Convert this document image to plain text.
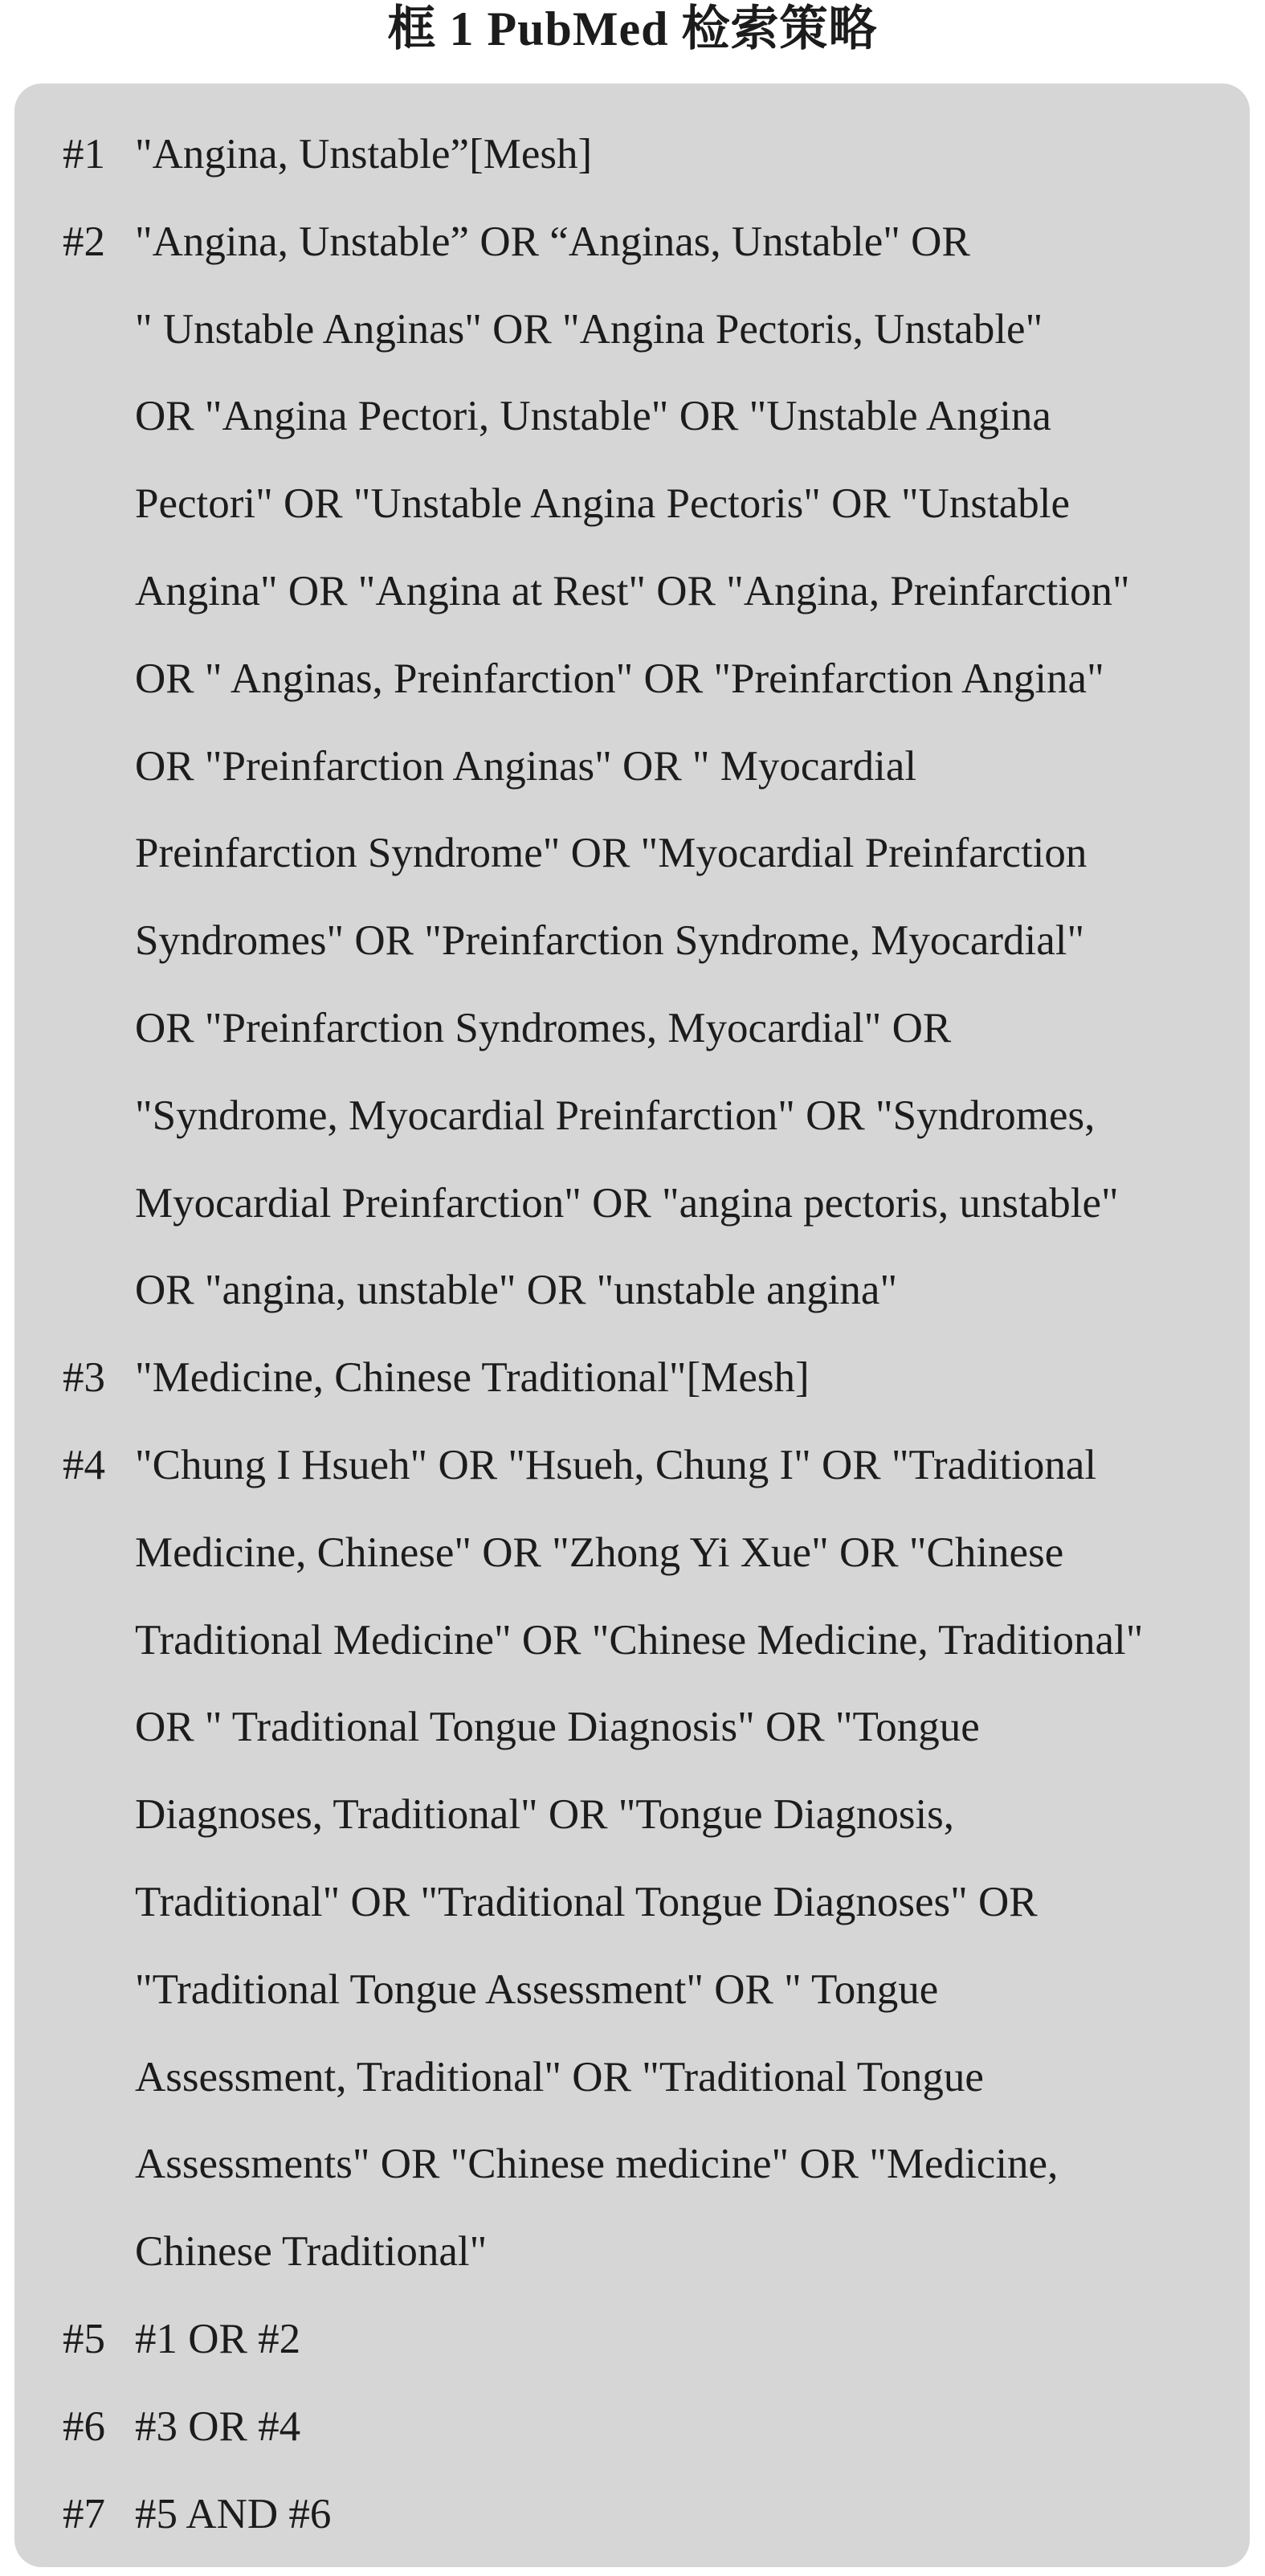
框 1 PubMed 检索策略
#1 "Angina, Unstable”[Mesh]
#2 "Angina, Unstable” OR “Anginas, Unstable" OR
" Unstable Anginas" OR "Angina Pectoris, Unstable"
OR "Angina Pectori, Unstable" OR "Unstable Angina
Pectori" OR "Unstable Angina Pectoris" OR "Unstable
Angina" OR "Angina at Rest" OR "Angina, Preinfarction"
OR " Anginas, Preinfarction" OR "Preinfarction Angina"
OR "Preinfarction Anginas" OR " Myocardial
Preinfarction Syndrome" OR "Myocardial Preinfarction
Syndromes" OR "Preinfarction Syndrome, Myocardial"
OR "Preinfarction Syndromes, Myocardial" OR
"Syndrome, Myocardial Preinfarction" OR "Syndromes,
Myocardial Preinfarction" OR "angina pectoris, unstable"
OR "angina, unstable" OR "unstable angina"
#3 "Medicine, Chinese Traditional"[Mesh]
#4 "Chung I Hsueh" OR "Hsueh, Chung I" OR "Traditional
Medicine, Chinese" OR "Zhong Yi Xue" OR "Chinese
Traditional Medicine" OR "Chinese Medicine, Traditional"
OR " Traditional Tongue Diagnosis" OR "Tongue
Diagnoses, Traditional" OR "Tongue Diagnosis,
Traditional" OR "Traditional Tongue Diagnoses" OR
"Traditional Tongue Assessment" OR " Tongue
Assessment, Traditional" OR "Traditional Tongue
Assessments" OR "Chinese medicine" OR "Medicine,
Chinese Traditional"
#5 #1 OR #2
#6 #3 OR #4
#7 #5 AND #6
